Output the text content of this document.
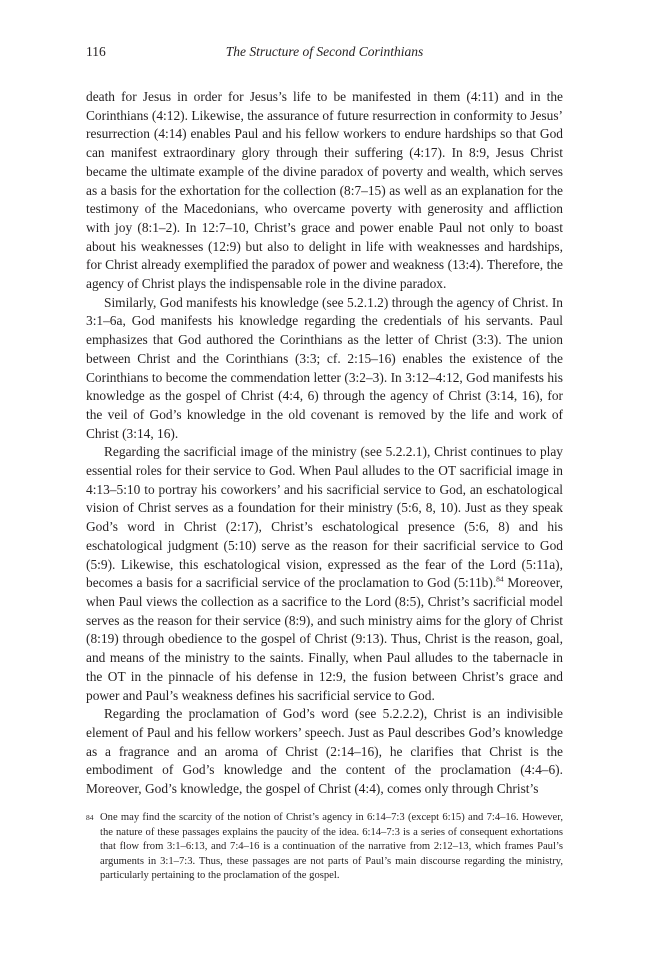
116	The Structure of Second Corinthians

death for Jesus in order for Jesus’s life to be manifested in them (4:11) and in the Corinthians (4:12). Likewise, the assurance of future resurrection in conformity to Jesus’ resurrection (4:14) enables Paul and his fellow workers to endure hardships so that God can manifest extraordinary glory through their suffering (4:17). In 8:9, Jesus Christ became the ultimate example of the divine paradox of poverty and wealth, which serves as a basis for the exhortation for the collection (8:7–15) as well as an explanation for the testimony of the Macedonians, who overcame poverty with generosity and affliction with joy (8:1–2). In 12:7–10, Christ’s grace and power enable Paul not only to boast about his weaknesses (12:9) but also to delight in life with weaknesses and hardships, for Christ already exemplified the paradox of power and weakness (13:4). Therefore, the agency of Christ plays the indispensable role in the divine paradox.

Similarly, God manifests his knowledge (see 5.2.1.2) through the agency of Christ. In 3:1–6a, God manifests his knowledge regarding the credentials of his servants. Paul emphasizes that God authored the Corinthians as the letter of Christ (3:3). The union between Christ and the Corinthians (3:3; cf. 2:15–16) enables the existence of the Corinthians to become the commendation letter (3:2–3). In 3:12–4:12, God manifests his knowledge as the gospel of Christ (4:4, 6) through the agency of Christ (3:14, 16), for the veil of God’s knowledge in the old covenant is removed by the life and work of Christ (3:14, 16).

Regarding the sacrificial image of the ministry (see 5.2.2.1), Christ continues to play essential roles for their service to God. When Paul alludes to the OT sacrificial image in 4:13–5:10 to portray his coworkers’ and his sacrificial service to God, an eschatological vision of Christ serves as a foundation for their ministry (5:6, 8, 10). Just as they speak God’s word in Christ (2:17), Christ’s eschatological presence (5:6, 8) and his eschatological judgment (5:10) serve as the reason for their sacrificial service to God (5:9). Likewise, this eschatological vision, expressed as the fear of the Lord (5:11a), becomes a basis for a sacrificial service of the proclamation to God (5:11b).$^{84}$ Moreover, when Paul views the collection as a sacrifice to the Lord (8:5), Christ’s sacrificial model serves as the reason for their service (8:9), and such ministry aims for the glory of Christ (8:19) through obedience to the gospel of Christ (9:13). Thus, Christ is the reason, goal, and means of the ministry to the saints. Finally, when Paul alludes to the tabernacle in the OT in the pinnacle of his defense in 12:9, the fusion between Christ’s grace and power and Paul’s weakness defines his sacrificial service to God.

Regarding the proclamation of God’s word (see 5.2.2.2), Christ is an indivisible element of Paul and his fellow workers’ speech. Just as Paul describes God’s knowledge as a fragrance and an aroma of Christ (2:14–16), he clarifies that Christ is the embodiment of God’s knowledge and the content of the proclamation (4:4–6). Moreover, God’s knowledge, the gospel of Christ (4:4), comes only through Christ’s

84 One may find the scarcity of the notion of Christ’s agency in 6:14–7:3 (except 6:15) and 7:4–16. However, the nature of these passages explains the paucity of the idea. 6:14–7:3 is a series of consequent exhortations that flow from 3:1–6:13, and 7:4–16 is a continuation of the narrative from 2:12–13, which frames Paul’s arguments in 3:1–7:3. Thus, these passages are not parts of Paul’s main discourse regarding the ministry, particularly pertaining to the proclamation of the gospel.
